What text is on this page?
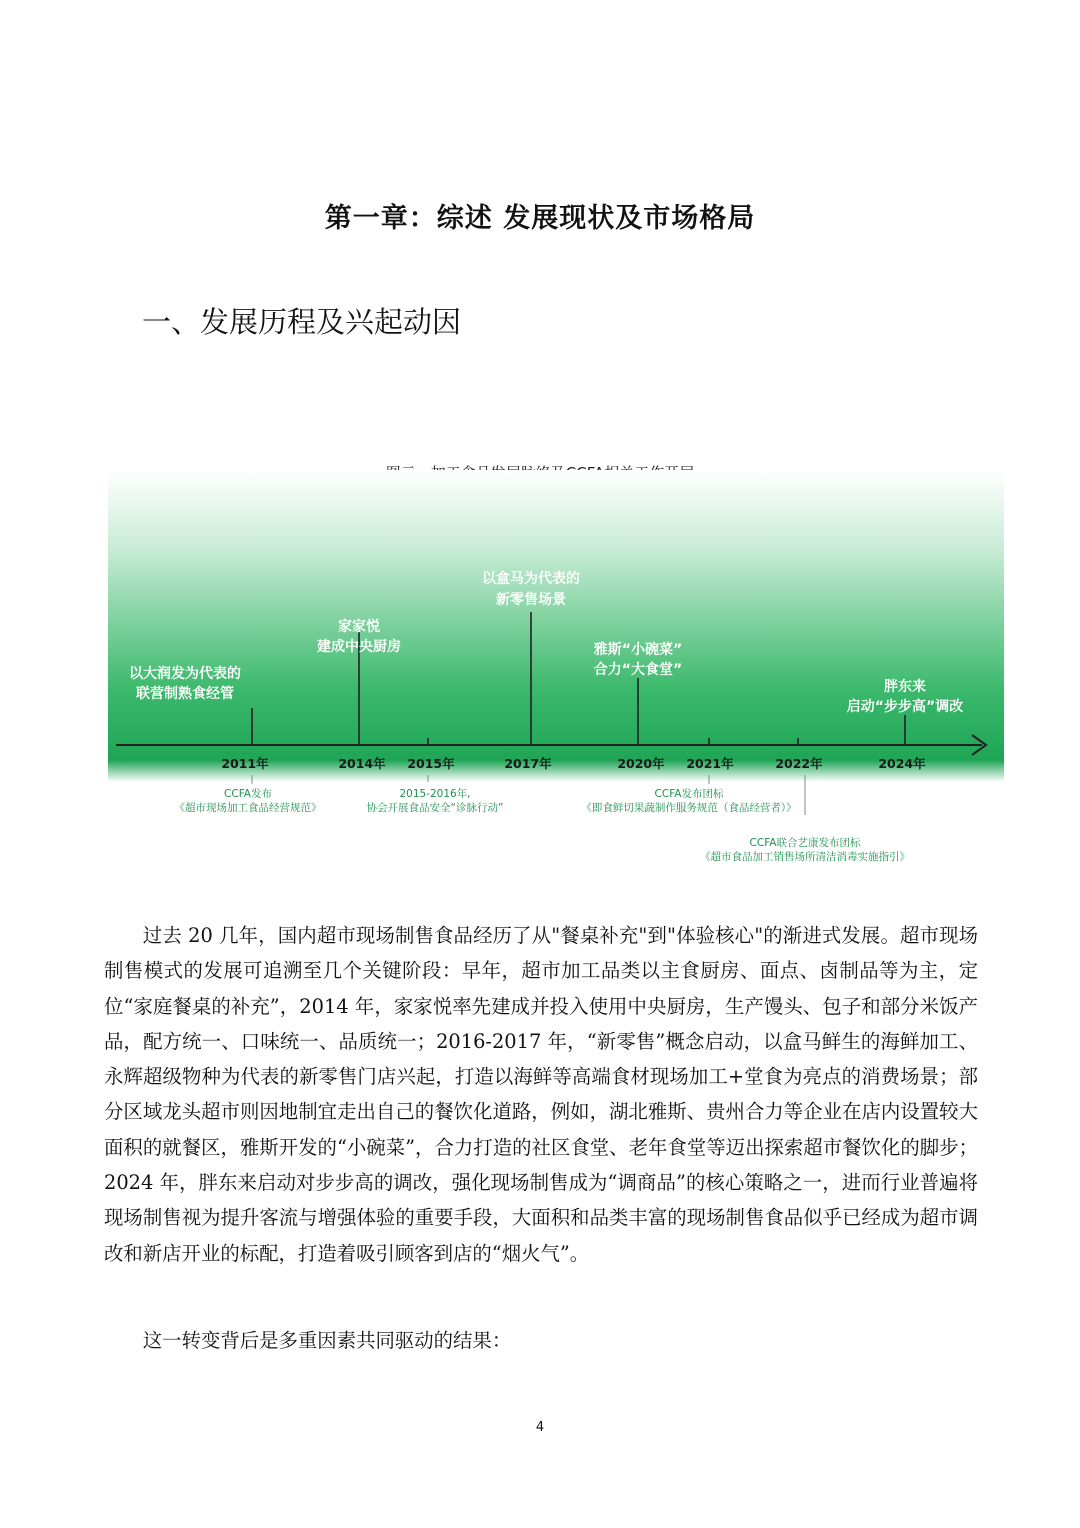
第一章：综述 发展现状及市场格局
一、发展历程及兴起动因
以大润发为代表的
联营制熟食经管
家家悦
建成中央厨房
以盒马为代表的
新零售场景
雅斯“小碗菜”
合力“大食堂”
胖东来
启动“步步高”调改
2011年	2014年 2015年	2017年	2020年 2021年	2022年	2024年
CCFA发布
《超市现场加工食品经营规范》
2015-2016年,
协会开展食品安全“诊脉行动”
CCFA发布团标
《即食鲜切果蔬制作服务规范（食品经营者）》
CCFA联合艺康发布团标
《超市食品加工销售场所清洁消毒实施指引》
过去 20 几年，国内超市现场制售食品经历了从"餐桌补充"到"体验核心"的渐进式发展。超市现场制售模式的发展可追溯至几个关键阶段：早年，超市加工品类以主食厨房、面点、卤制品等为主，定位“家庭餐桌的补充”，2014 年，家家悦率先建成并投入使用中央厨房，生产馒头、包子和部分米饭产品，配方统一、口味统一、品质统一；2016-2017 年，“新零售”概念启动，以盒马鲜生的海鲜加工、永辉超级物种为代表的新零售门店兴起，打造以海鲜等高端食材现场加工+堂食为亮点的消费场景；部分区域龙头超市则因地制宜走出自己的餐饮化道路，例如，湖北雅斯、贵州合力等企业在店内设置较大面积的就餐区，雅斯开发的“小碗菜”，合力打造的社区食堂、老年食堂等迈出探索超市餐饮化的脚步；2024 年，胖东来启动对步步高的调改，强化现场制售成为“调商品”的核心策略之一，进而行业普遍将现场制售视为提升客流与增强体验的重要手段，大面积和品类丰富的现场制售食品似乎已经成为超市调改和新店开业的标配，打造着吸引顾客到店的“烟火气”。
这一转变背后是多重因素共同驱动的结果：
4
